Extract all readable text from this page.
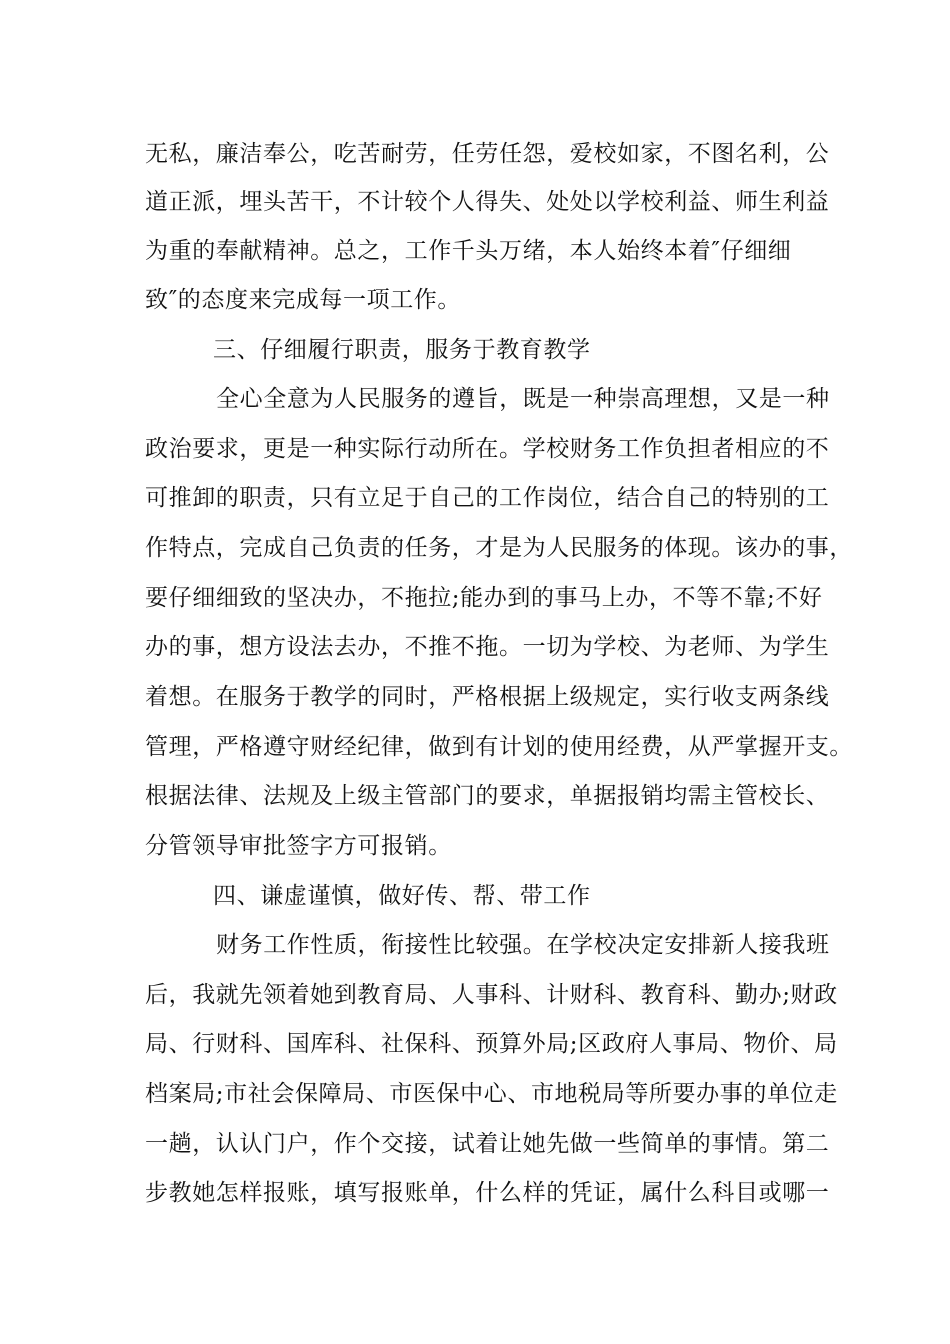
无私，廉洁奉公，吃苦耐劳，任劳任怨，爱校如家，不图名利，公
道正派，埋头苦干，不计较个人得失、处处以学校利益、师生利益
为重的奉献精神。总之，工作千头万绪，本人始终本着″仔细细
致″的态度来完成每一项工作。
三、仔细履行职责，服务于教育教学
全心全意为人民服务的遵旨，既是一种崇高理想，又是一种
政治要求，更是一种实际行动所在。学校财务工作负担者相应的不
可推卸的职责，只有立足于自己的工作岗位，结合自己的特别的工
作特点，完成自己负责的任务，才是为人民服务的体现。该办的事，
要仔细细致的坚决办，不拖拉;能办到的事马上办，不等不靠;不好
办的事，想方设法去办，不推不拖。一切为学校、为老师、为学生
着想。在服务于教学的同时，严格根据上级规定，实行收支两条线
管理，严格遵守财经纪律，做到有计划的使用经费，从严掌握开支。
根据法律、法规及上级主管部门的要求，单据报销均需主管校长、
分管领导审批签字方可报销。
四、谦虚谨慎，做好传、帮、带工作
财务工作性质，衔接性比较强。在学校决定安排新人接我班
后，我就先领着她到教育局、人事科、计财科、教育科、勤办;财政
局、行财科、国库科、社保科、预算外局;区政府人事局、物价、局
档案局;市社会保障局、市医保中心、市地税局等所要办事的单位走
一趟，认认门户，作个交接，试着让她先做一些简单的事情。第二
步教她怎样报账，填写报账单，什么样的凭证，属什么科目或哪一
